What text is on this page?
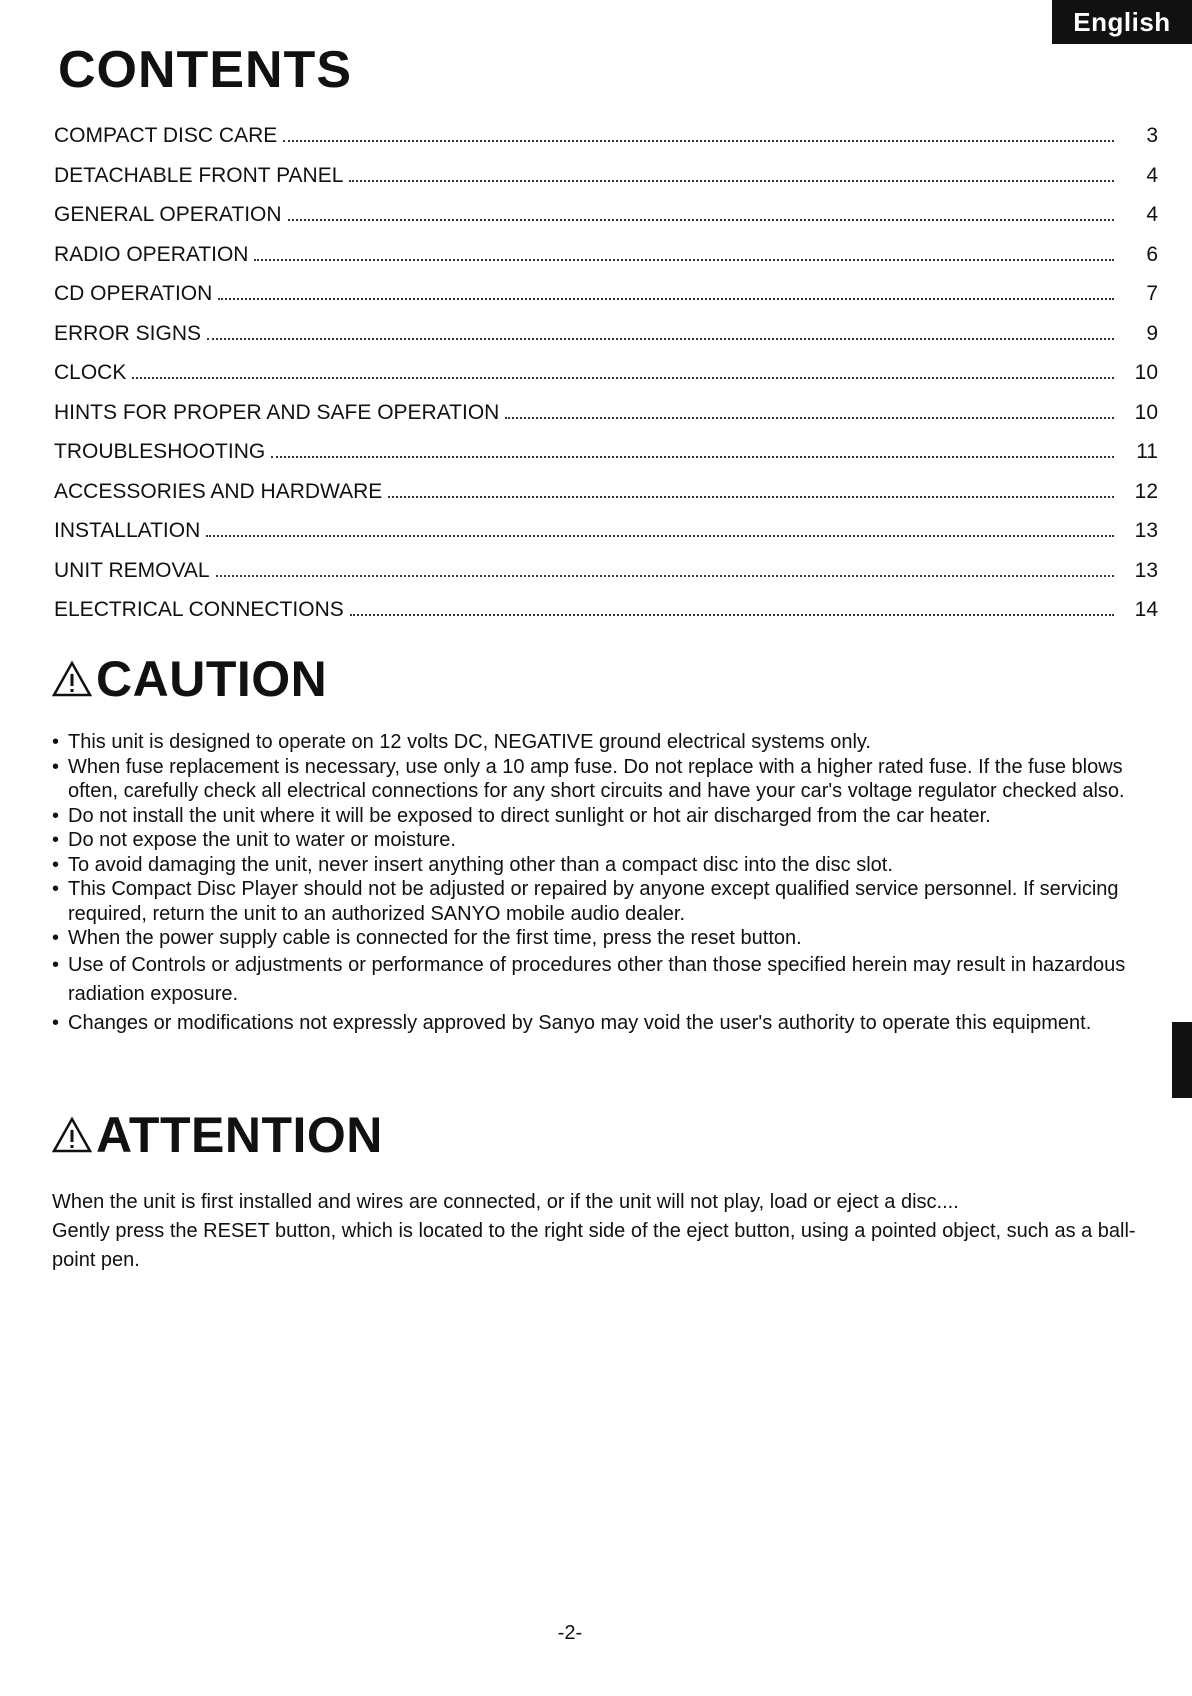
English
CONTENTS
COMPACT DISC CARE	3
DETACHABLE FRONT PANEL	4
GENERAL OPERATION	4
RADIO OPERATION	6
CD OPERATION	7
ERROR SIGNS	9
CLOCK	10
HINTS FOR PROPER AND SAFE OPERATION	10
TROUBLESHOOTING	11
ACCESSORIES AND HARDWARE	12
INSTALLATION	13
UNIT REMOVAL	13
ELECTRICAL CONNECTIONS	14
CAUTION
• This unit is designed to operate on 12 volts DC, NEGATIVE ground electrical systems only.
• When fuse replacement is necessary, use only a 10 amp fuse. Do not replace with a higher rated fuse. If the fuse blows often, carefully check all electrical connections for any short circuits and have your car's voltage regulator checked also.
• Do not install the unit where it will be exposed to direct sunlight or hot air discharged from the car heater.
• Do not expose the unit to water or moisture.
• To avoid damaging the unit, never insert anything other than a compact disc into the disc slot.
• This Compact Disc Player should not be adjusted or repaired by anyone except qualified service personnel. If servicing required, return the unit to an authorized SANYO mobile audio dealer.
• When the power supply cable is connected for the first time, press the reset button.
• Use of Controls or adjustments or performance of procedures other than those specified herein may result in hazardous radiation exposure.
• Changes or modifications not expressly approved by Sanyo may void the user's authority to operate this equipment.
ATTENTION
When the unit is first installed and wires are connected, or if the unit will not play, load or eject a disc....
Gently press the RESET button, which is located to the right side of the eject button, using a pointed object, such as a ball-point pen.
-2-
